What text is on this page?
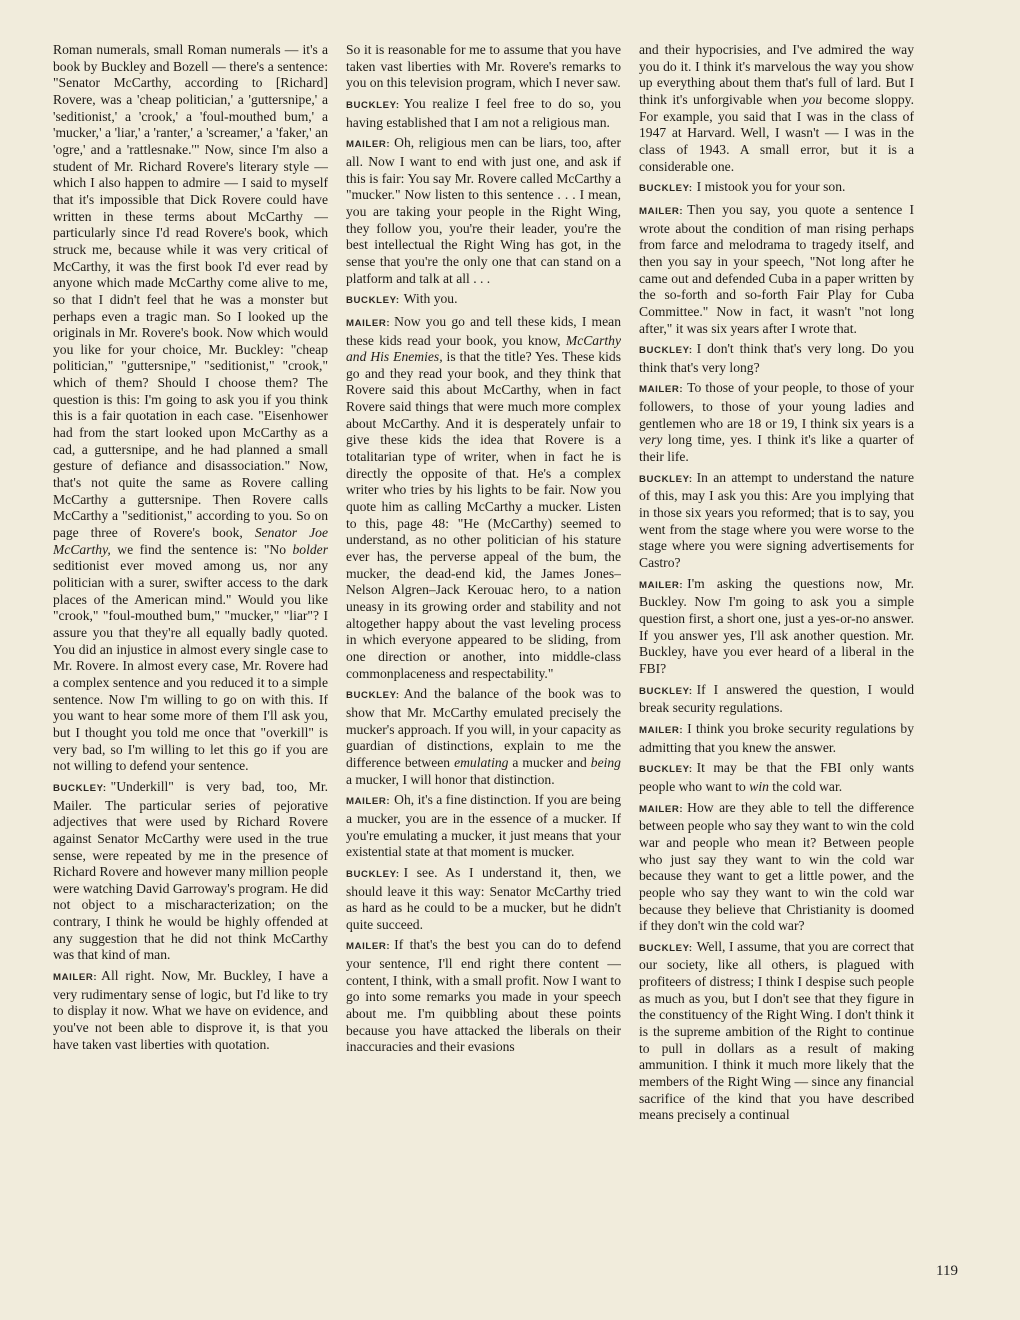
Roman numerals, small Roman numerals — it's a book by Buckley and Bozell — there's a sentence: "Senator McCarthy, according to [Richard] Rovere, was a 'cheap politician,' a 'guttersnipe,' a 'seditionist,' a 'crook,' a 'foul-mouthed bum,' a 'mucker,' a 'liar,' a 'ranter,' a 'screamer,' a 'faker,' an 'ogre,' and a 'rattlesnake.'" Now, since I'm also a student of Mr. Richard Rovere's literary style — which I also happen to admire — I said to myself that it's impossible that Dick Rovere could have written in these terms about McCarthy — particularly since I'd read Rovere's book, which struck me, because while it was very critical of McCarthy, it was the first book I'd ever read by anyone which made McCarthy come alive to me, so that I didn't feel that he was a monster but perhaps even a tragic man. So I looked up the originals in Mr. Rovere's book. Now which would you like for your choice, Mr. Buckley: "cheap politician," "guttersnipe," "seditionist," "crook," which of them? Should I choose them? The question is this: I'm going to ask you if you think this is a fair quotation in each case. "Eisenhower had from the start looked upon McCarthy as a cad, a guttersnipe, and he had planned a small gesture of defiance and disassociation." Now, that's not quite the same as Rovere calling McCarthy a guttersnipe. Then Rovere calls McCarthy a "seditionist," according to you. So on page three of Rovere's book, Senator Joe McCarthy, we find the sentence is: "No bolder seditionist ever moved among us, nor any politician with a surer, swifter access to the dark places of the American mind." Would you like "crook," "foul-mouthed bum," "mucker," "liar"? I assure you that they're all equally badly quoted. You did an injustice in almost every single case to Mr. Rovere. In almost every case, Mr. Rovere had a complex sentence and you reduced it to a simple sentence. Now I'm willing to go on with this. If you want to hear some more of them I'll ask you, but I thought you told me once that "overkill" is very bad, so I'm willing to let this go if you are not willing to defend your sentence.

BUCKLEY: "Underkill" is very bad, too, Mr. Mailer. The particular series of pejorative adjectives that were used by Richard Rovere against Senator McCarthy were used in the true sense, were repeated by me in the presence of Richard Rovere and however many million people were watching David Garroway's program. He did not object to a mischaracterization; on the contrary, I think he would be highly offended at any suggestion that he did not think McCarthy was that kind of man.

MAILER: All right. Now, Mr. Buckley, I have a very rudimentary sense of logic, but I'd like to try to display it now. What we have on evidence, and you've not been able to disprove it, is that you have taken vast liberties with quotation.

So it is reasonable for me to assume that you have taken vast liberties with Mr. Rovere's remarks to you on this television program, which I never saw.

BUCKLEY: You realize I feel free to do so, you having established that I am not a religious man.

MAILER: Oh, religious men can be liars, too, after all. Now I want to end with just one, and ask if this is fair: You say Mr. Rovere called McCarthy a "mucker." Now listen to this sentence . . . I mean, you are taking your people in the Right Wing, they follow you, you're their leader, you're the best intellectual the Right Wing has got, in the sense that you're the only one that can stand on a platform and talk at all . . .

BUCKLEY: With you.

MAILER: Now you go and tell these kids, I mean these kids read your book, you know, McCarthy and His Enemies, is that the title? Yes. These kids go and they read your book, and they think that Rovere said this about McCarthy, when in fact Rovere said things that were much more complex about McCarthy. And it is desperately unfair to give these kids the idea that Rovere is a totalitarian type of writer, when in fact he is directly the opposite of that. He's a complex writer who tries by his lights to be fair. Now you quote him as calling McCarthy a mucker. Listen to this, page 48: "He (McCarthy) seemed to understand, as no other politician of his stature ever has, the perverse appeal of the bum, the mucker, the dead-end kid, the James Jones–Nelson Algren–Jack Kerouac hero, to a nation uneasy in its growing order and stability and not altogether happy about the vast leveling process in which everyone appeared to be sliding, from one direction or another, into middle-class commonplaceness and respectability."

BUCKLEY: And the balance of the book was to show that Mr. McCarthy emulated precisely the mucker's approach. If you will, in your capacity as guardian of distinctions, explain to me the difference between emulating a mucker and being a mucker, I will honor that distinction.

MAILER: Oh, it's a fine distinction. If you are being a mucker, you are in the essence of a mucker. If you're emulating a mucker, it just means that your existential state at that moment is mucker.

BUCKLEY: I see. As I understand it, then, we should leave it this way: Senator McCarthy tried as hard as he could to be a mucker, but he didn't quite succeed.

MAILER: If that's the best you can do to defend your sentence, I'll end right there content — content, I think, with a small profit. Now I want to go into some remarks you made in your speech about me. I'm quibbling about these points because you have attacked the liberals on their inaccuracies and their evasions

and their hypocrisies, and I've admired the way you do it. I think it's marvelous the way you show up everything about them that's full of lard. But I think it's unforgivable when you become sloppy. For example, you said that I was in the class of 1947 at Harvard. Well, I wasn't — I was in the class of 1943. A small error, but it is a considerable one.

BUCKLEY: I mistook you for your son.

MAILER: Then you say, you quote a sentence I wrote about the condition of man rising perhaps from farce and melodrama to tragedy itself, and then you say in your speech, "Not long after he came out and defended Cuba in a paper written by the so-forth and so-forth Fair Play for Cuba Committee." Now in fact, it wasn't "not long after," it was six years after I wrote that.

BUCKLEY: I don't think that's very long. Do you think that's very long?

MAILER: To those of your people, to those of your followers, to those of your young ladies and gentlemen who are 18 or 19, I think six years is a very long time, yes. I think it's like a quarter of their life.

BUCKLEY: In an attempt to understand the nature of this, may I ask you this: Are you implying that in those six years you reformed; that is to say, you went from the stage where you were worse to the stage where you were signing advertisements for Castro?

MAILER: I'm asking the questions now, Mr. Buckley. Now I'm going to ask you a simple question first, a short one, just a yes-or-no answer. If you answer yes, I'll ask another question. Mr. Buckley, have you ever heard of a liberal in the FBI?

BUCKLEY: If I answered the question, I would break security regulations.

MAILER: I think you broke security regulations by admitting that you knew the answer.

BUCKLEY: It may be that the FBI only wants people who want to win the cold war.

MAILER: How are they able to tell the difference between people who say they want to win the cold war and people who mean it? Between people who just say they want to win the cold war because they want to get a little power, and the people who say they want to win the cold war because they believe that Christianity is doomed if they don't win the cold war?

BUCKLEY: Well, I assume, that you are correct that our society, like all others, is plagued with profiteers of distress; I think I despise such people as much as you, but I don't see that they figure in the constituency of the Right Wing. I don't think it is the supreme ambition of the Right to continue to pull in dollars as a result of making ammunition. I think it much more likely that the members of the Right Wing — since any financial sacrifice of the kind that you have described means precisely a continual

119
